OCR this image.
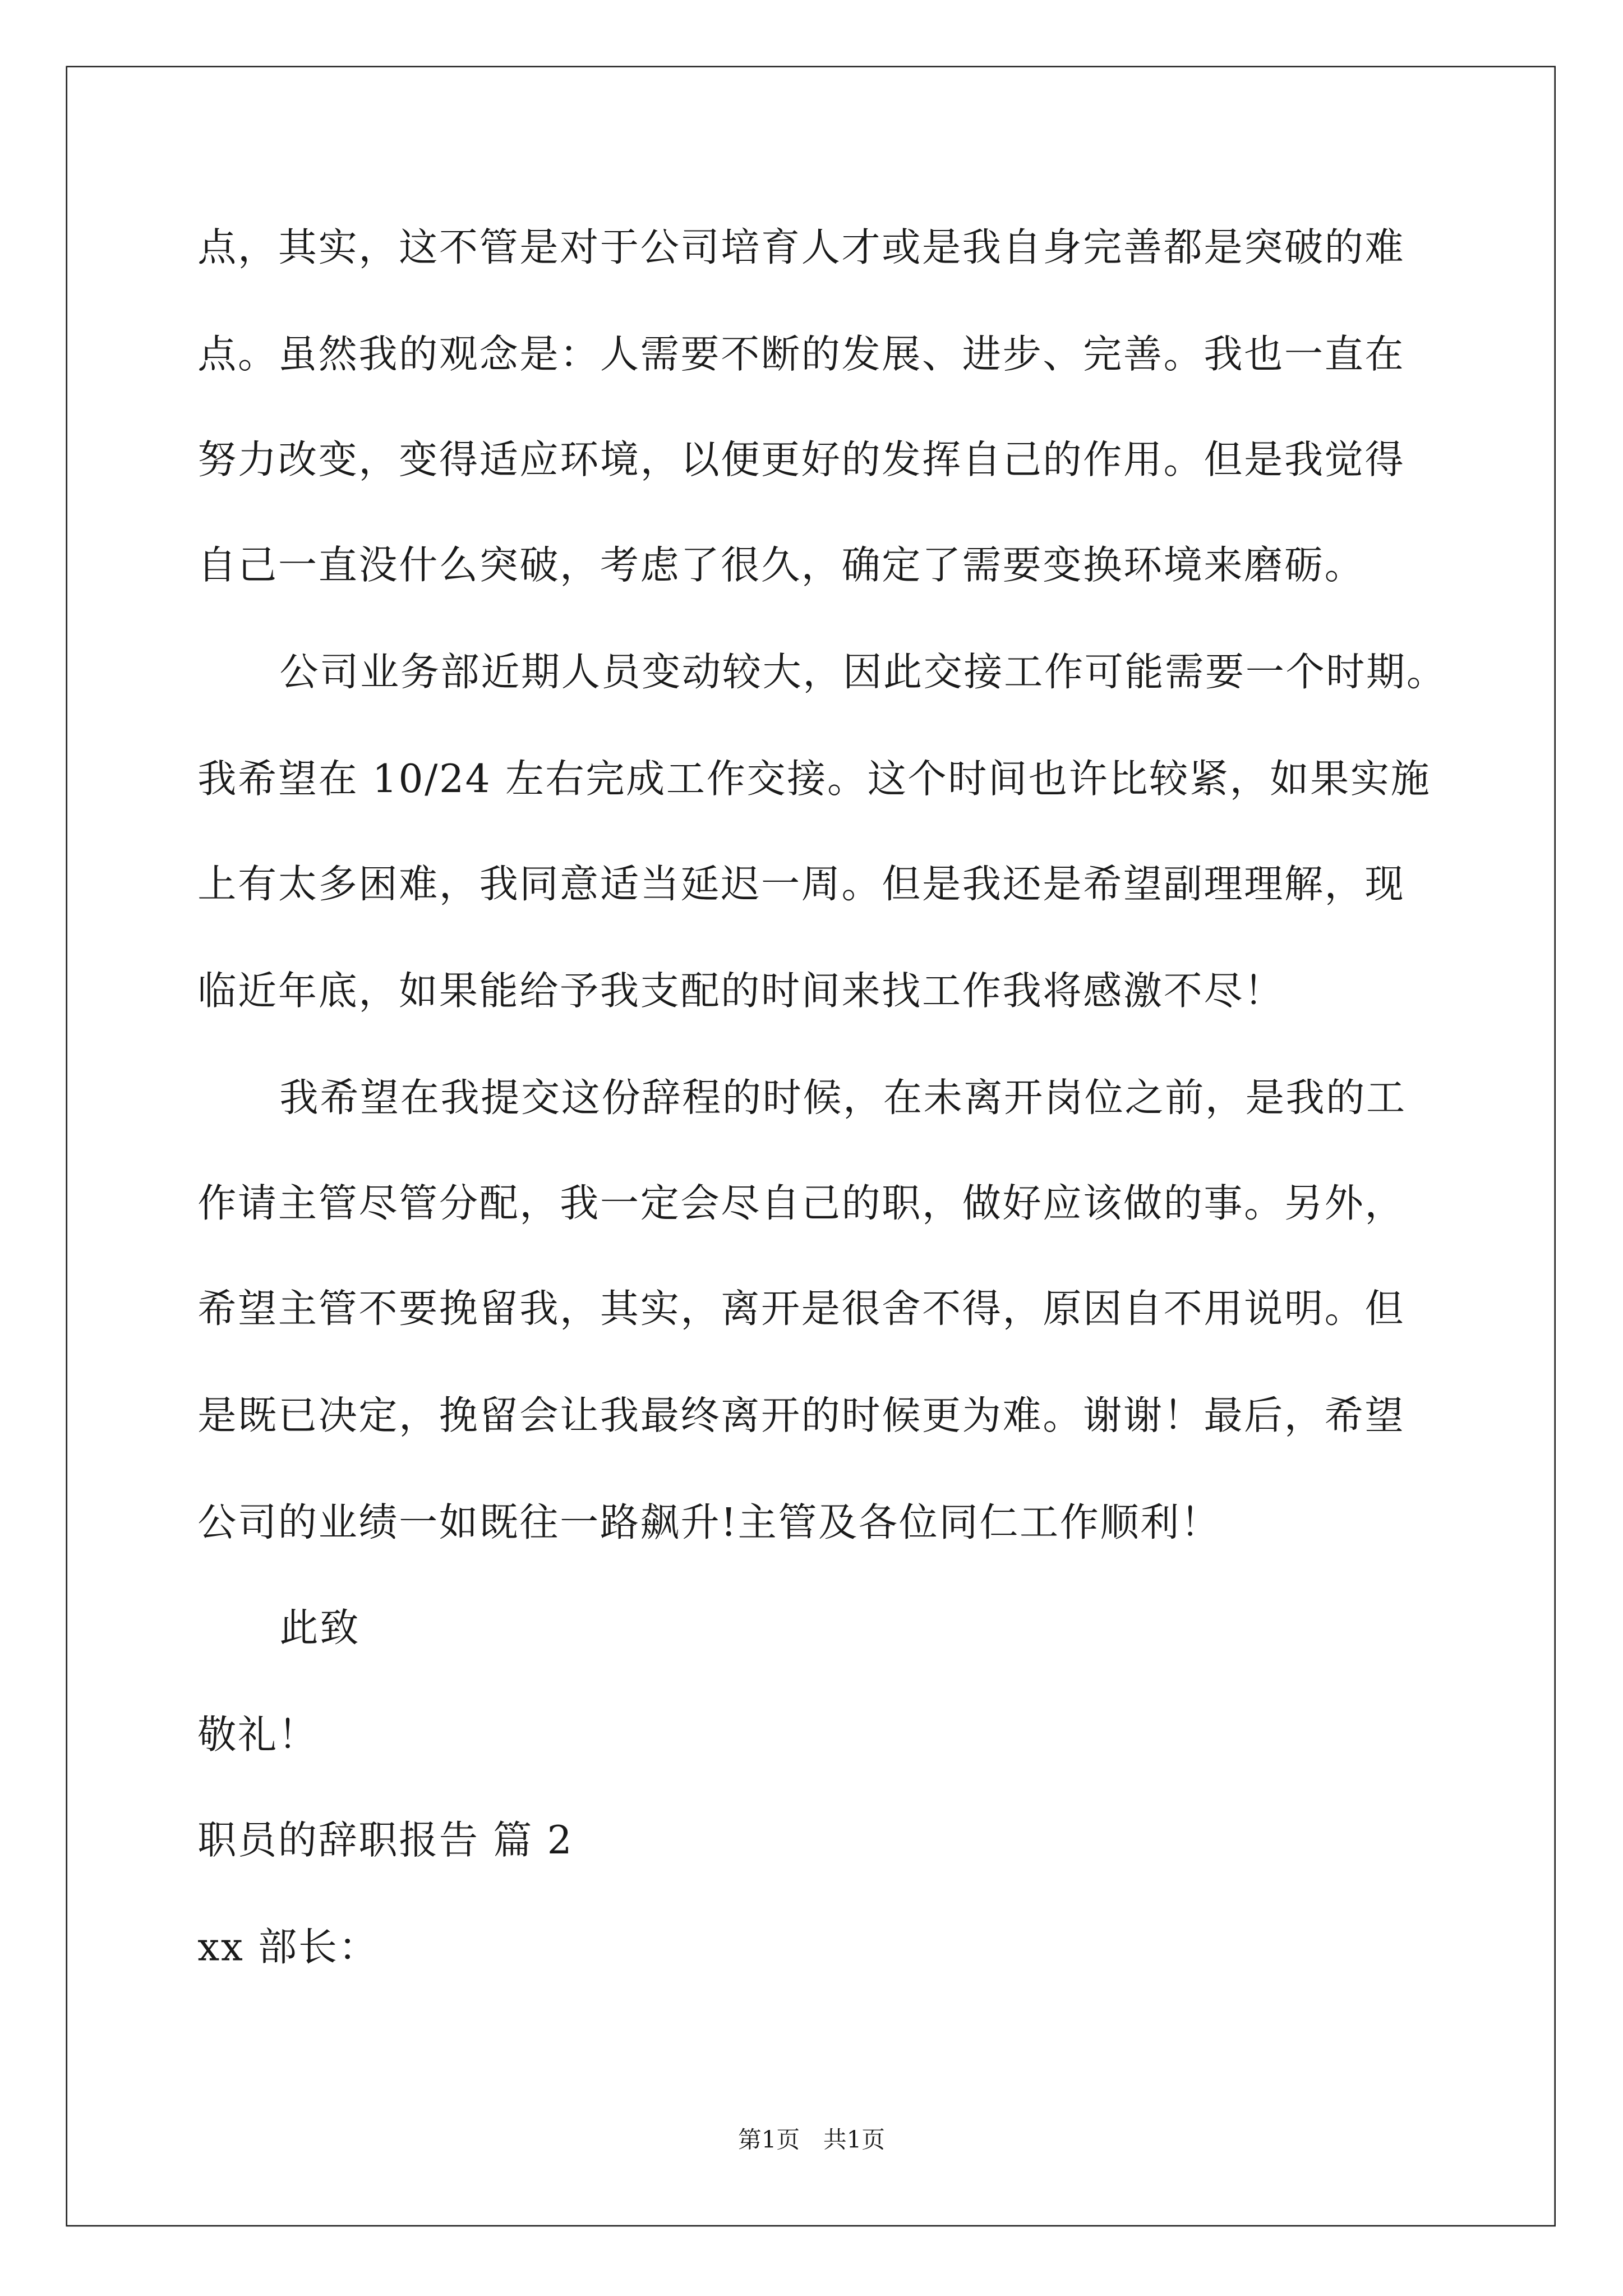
点，其实，这不管是对于公司培育人才或是我自身完善都是突破的难
点。虽然我的观念是：人需要不断的发展、进步、完善。我也一直在
努力改变，变得适应环境，以便更好的发挥自己的作用。但是我觉得
自己一直没什么突破，考虑了很久，确定了需要变换环境来磨砺。
公司业务部近期人员变动较大，因此交接工作可能需要一个时期。
我希望在 10/24 左右完成工作交接。这个时间也许比较紧，如果实施
上有太多困难，我同意适当延迟一周。但是我还是希望副理理解，现
临近年底，如果能给予我支配的时间来找工作我将感激不尽！
我希望在我提交这份辞程的时候，在未离开岗位之前，是我的工
作请主管尽管分配，我一定会尽自己的职，做好应该做的事。另外，
希望主管不要挽留我，其实，离开是很舍不得，原因自不用说明。但
是既已决定，挽留会让我最终离开的时候更为难。谢谢！最后，希望
公司的业绩一如既往一路飙升!主管及各位同仁工作顺利！
此致
敬礼！
职员的辞职报告 篇 2
xx 部长：
第1页　共1页
